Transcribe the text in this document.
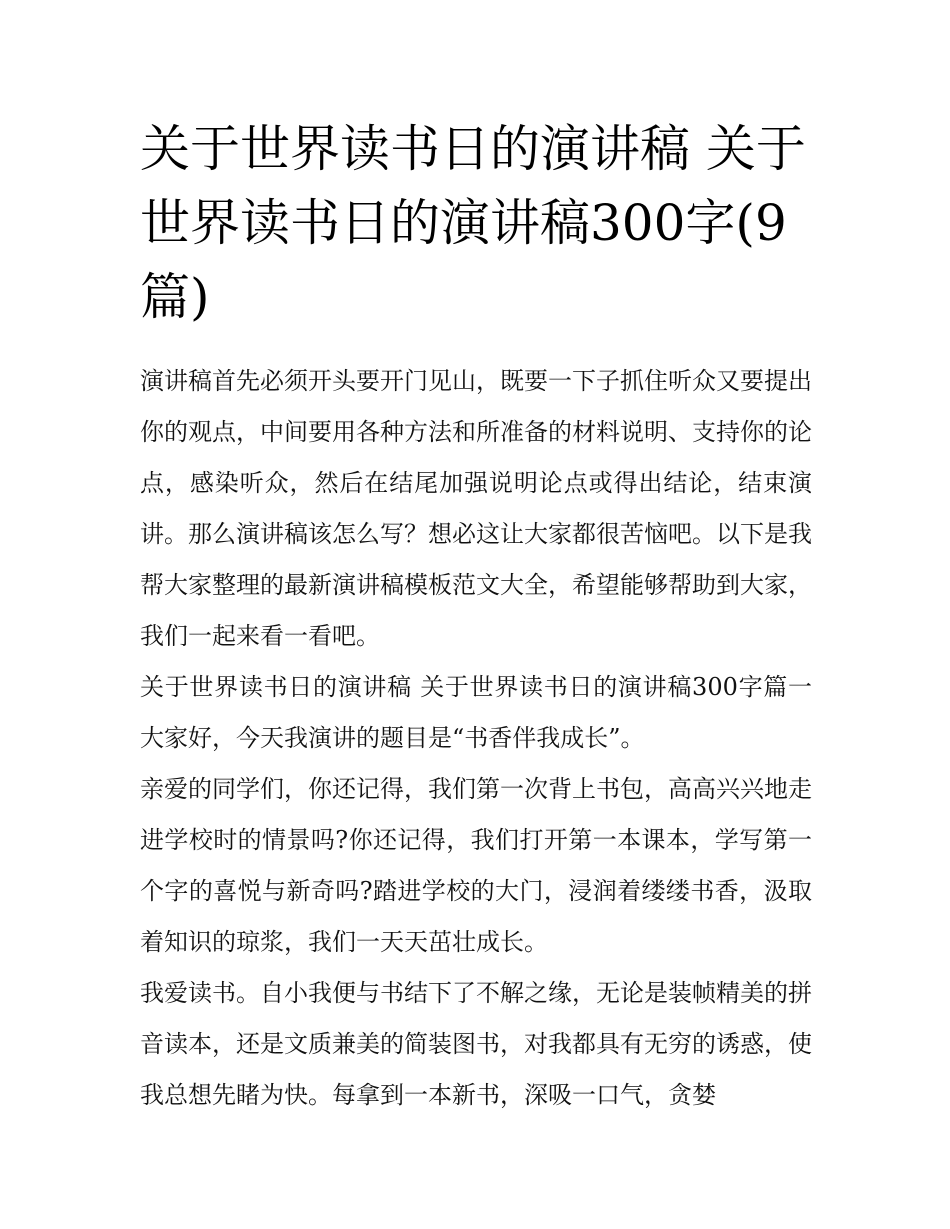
关于世界读书日的演讲稿 关于世界读书日的演讲稿300字(9篇)

演讲稿首先必须开头要开门见山，既要一下子抓住听众又要提出你的观点，中间要用各种方法和所准备的材料说明、支持你的论点，感染听众，然后在结尾加强说明论点或得出结论，结束演讲。那么演讲稿该怎么写？想必这让大家都很苦恼吧。以下是我帮大家整理的最新演讲稿模板范文大全，希望能够帮助到大家，我们一起来看一看吧。

关于世界读书日的演讲稿 关于世界读书日的演讲稿300字篇一 大家好，今天我演讲的题目是“书香伴我成长”。

亲爱的同学们，你还记得，我们第一次背上书包，高高兴兴地走进学校时的情景吗?你还记得，我们打开第一本课本，学写第一个字的喜悦与新奇吗?踏进学校的大门，浸润着缕缕书香，汲取着知识的琼浆，我们一天天茁壮成长。

我爱读书。自小我便与书结下了不解之缘，无论是装帧精美的拼音读本，还是文质兼美的简装图书，对我都具有无穷的诱惑，使我总想先睹为快。每拿到一本新书，深吸一口气，贪婪
